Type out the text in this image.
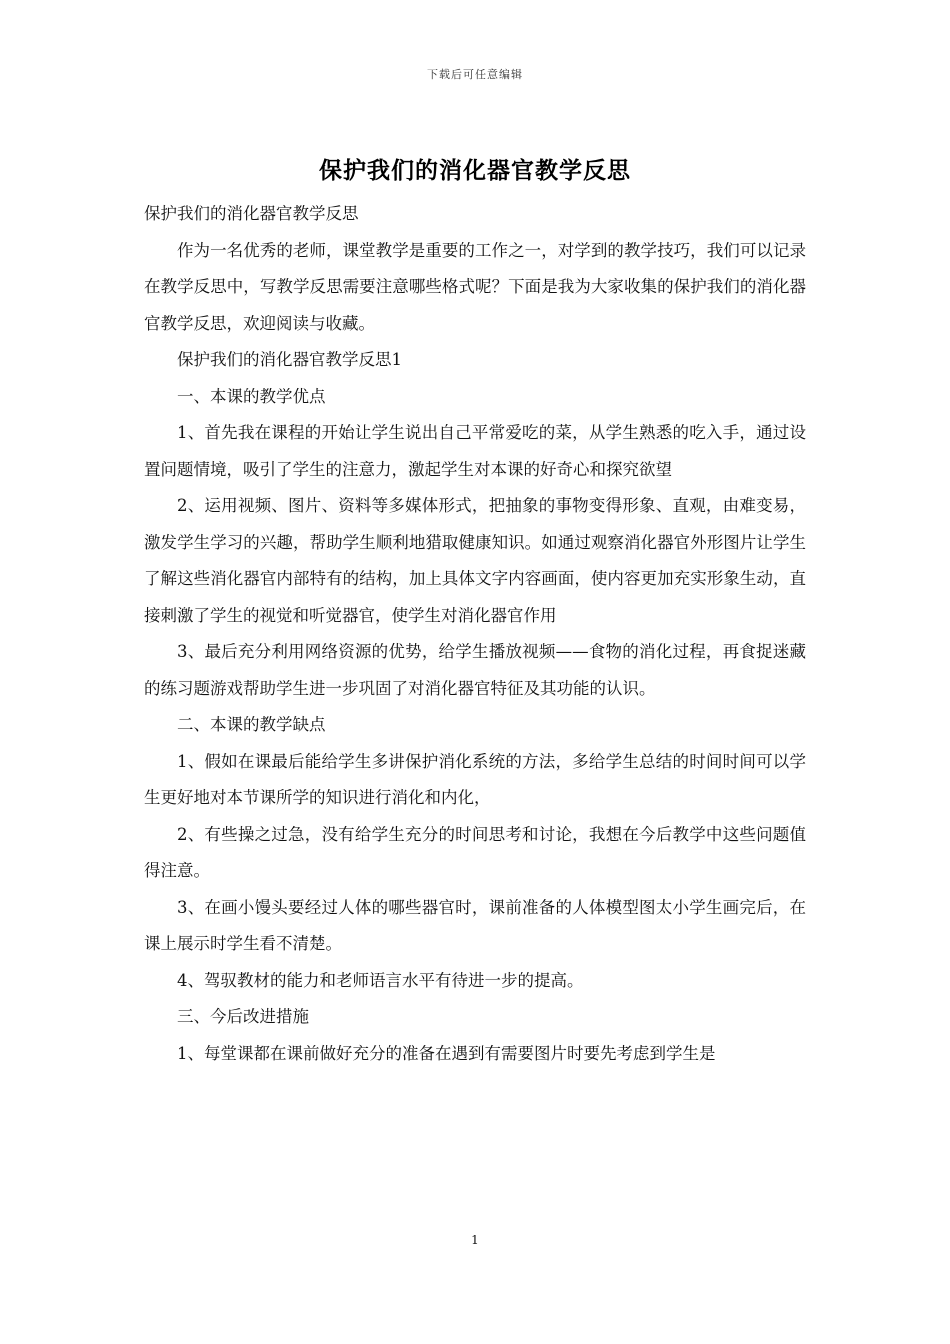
下载后可任意编辑
保护我们的消化器官教学反思

保护我们的消化器官教学反思

作为一名优秀的老师，课堂教学是重要的工作之一，对学到的教学技巧，我们可以记录在教学反思中，写教学反思需要注意哪些格式呢？下面是我为大家收集的保护我们的消化器官教学反思，欢迎阅读与收藏。

保护我们的消化器官教学反思1

一、本课的教学优点

1、首先我在课程的开始让学生说出自己平常爱吃的菜，从学生熟悉的吃入手，通过设置问题情境，吸引了学生的注意力，激起学生对本课的好奇心和探究欲望

2、运用视频、图片、资料等多媒体形式，把抽象的事物变得形象、直观，由难变易，激发学生学习的兴趣，帮助学生顺利地猎取健康知识。如通过观察消化器官外形图片让学生了解这些消化器官内部特有的结构，加上具体文字内容画面，使内容更加充实形象生动，直接刺激了学生的视觉和听觉器官，使学生对消化器官作用

3、最后充分利用网络资源的优势，给学生播放视频——食物的消化过程，再食捉迷藏的练习题游戏帮助学生进一步巩固了对消化器官特征及其功能的认识。

二、本课的教学缺点

1、假如在课最后能给学生多讲保护消化系统的方法，多给学生总结的时间时间可以学生更好地对本节课所学的知识进行消化和内化，

2、有些操之过急，没有给学生充分的时间思考和讨论，我想在今后教学中这些问题值得注意。

3、在画小馒头要经过人体的哪些器官时，课前准备的人体模型图太小学生画完后，在课上展示时学生看不清楚。

4、驾驭教材的能力和老师语言水平有待进一步的提高。

三、今后改进措施

1、每堂课都在课前做好充分的准备在遇到有需要图片时要先考虑到学生是

1
